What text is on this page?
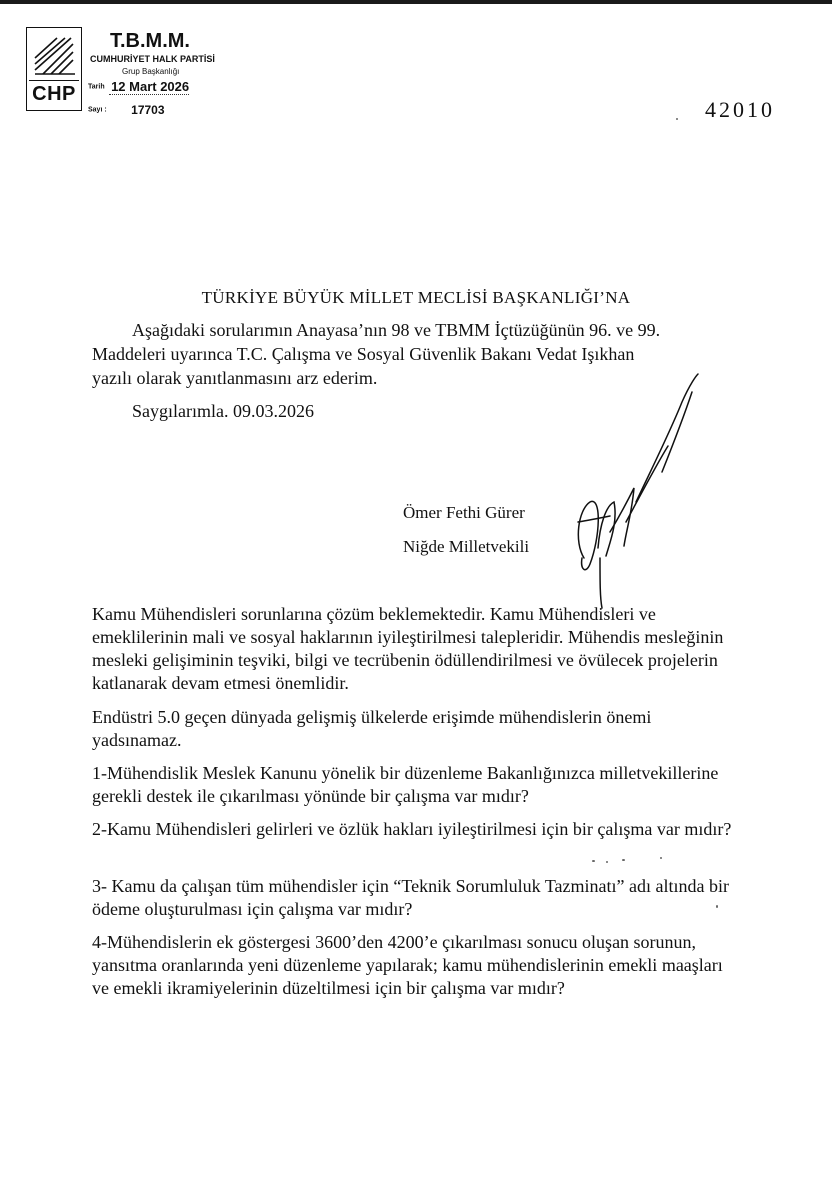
CHP
T.B.M.M.
CUMHURİYET HALK PARTİSİ
Grup Başkanlığı
Tarih 12 Mart 2026
Sayı : 17703	42010
TÜRKİYE BÜYÜK MİLLET MECLİSİ BAŞKANLIĞI’NA

Aşağıdaki sorularımın Anayasa’nın 98 ve TBMM İçtüzüğünün 96. ve 99.
Maddeleri uyarınca T.C. Çalışma ve Sosyal Güvenlik Bakanı Vedat Işıkhan
yazılı olarak yanıtlanmasını arz ederim.

Saygılarımla. 09.03.2026
Ömer Fethi Gürer
Niğde Milletvekili

Kamu Mühendisleri sorunlarına çözüm beklemektedir. Kamu Mühendisleri ve emeklilerinin mali ve sosyal haklarının iyileştirilmesi talepleridir. Mühendis mesleğinin mesleki gelişiminin teşviki, bilgi ve tecrübenin ödüllendirilmesi ve övülecek projelerin katlanarak devam etmesi önemlidir.

Endüstri 5.0 geçen dünyada gelişmiş ülkelerde erişimde mühendislerin önemi yadsınamaz.

1-Mühendislik Meslek Kanunu yönelik bir düzenleme Bakanlığınızca milletvekillerine gerekli destek ile çıkarılması yönünde bir çalışma var mıdır?

2-Kamu Mühendisleri gelirleri ve özlük hakları iyileştirilmesi için bir çalışma var mıdır?

3- Kamu da çalışan tüm mühendisler için “Teknik Sorumluluk Tazminatı” adı altında bir ödeme oluşturulması için çalışma var mıdır?

4-Mühendislerin ek göstergesi 3600’den 4200’e çıkarılması sonucu oluşan sorunun, yansıtma oranlarında yeni düzenleme yapılarak; kamu mühendislerinin emekli maaşları ve emekli ikramiyelerinin düzeltilmesi için bir çalışma var mıdır?
